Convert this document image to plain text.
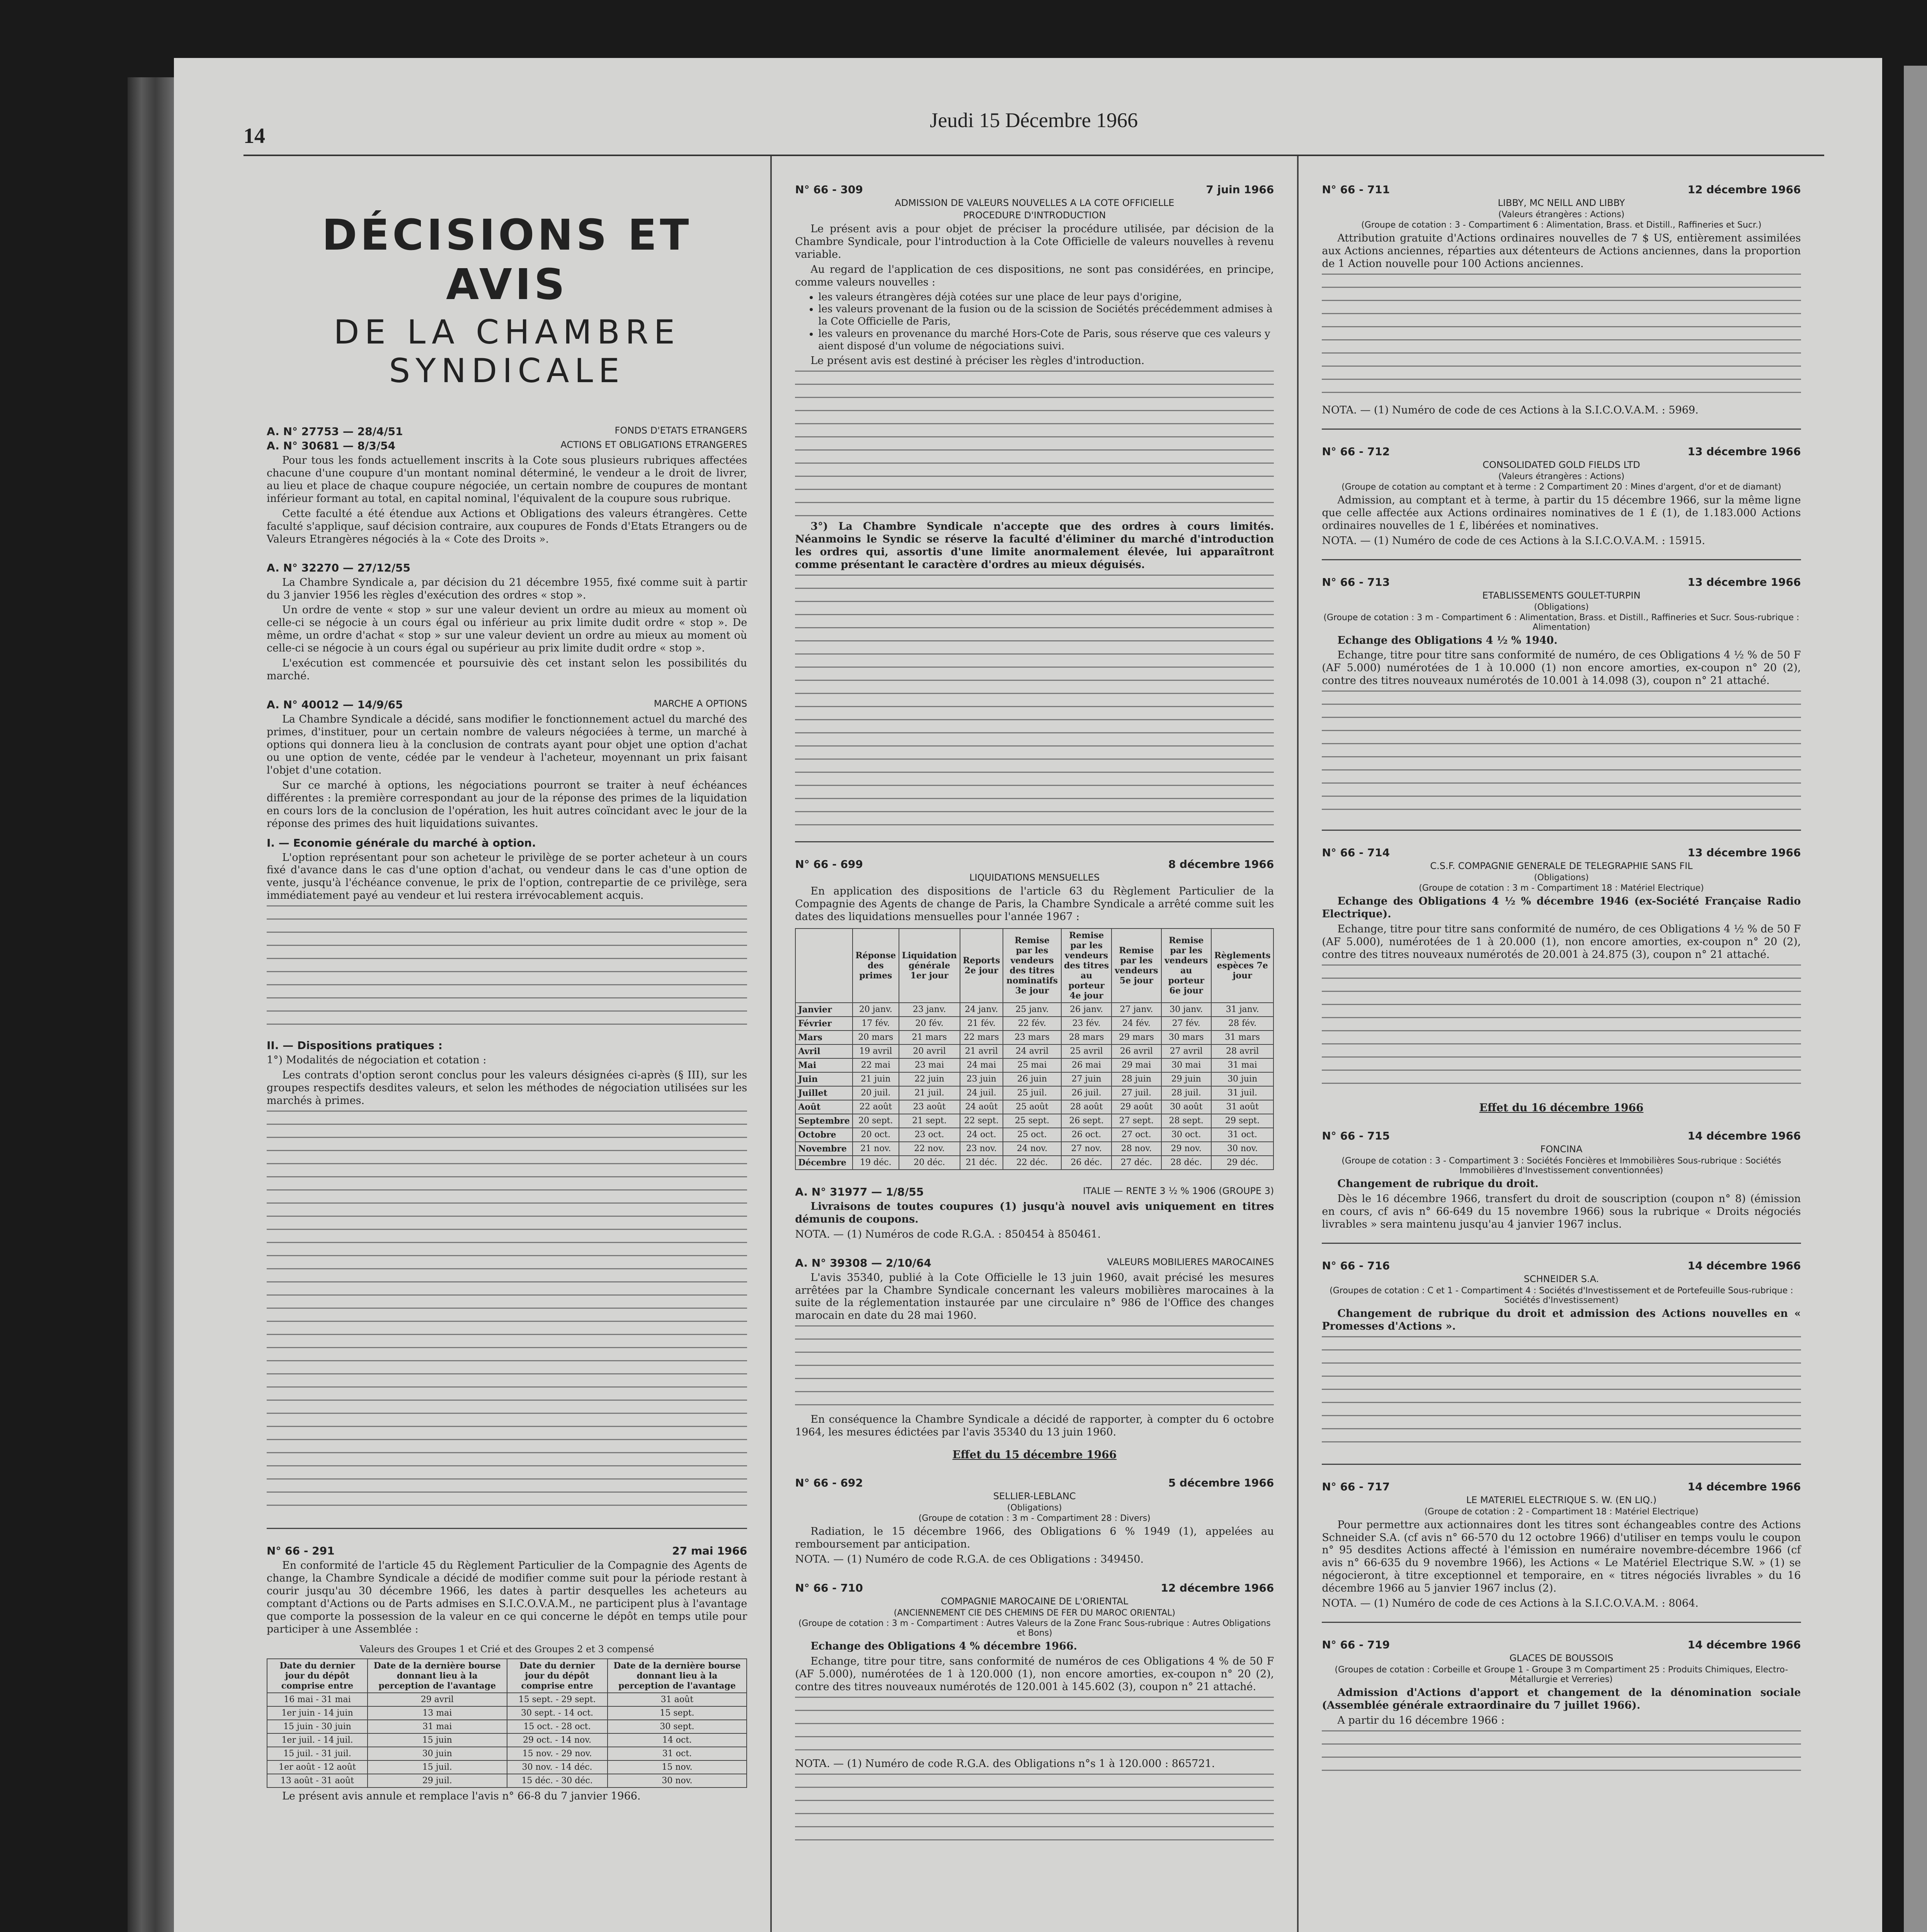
14
Jeudi 15 Décembre 1966
DÉCISIONS ET AVIS
DE LA CHAMBRE SYNDICALE
A. N° 27753 — 28/4/51	FONDS D'ETATS ETRANGERS
A. N° 30681 — 8/3/54	ACTIONS ET OBLIGATIONS ETRANGERES

Pour tous les fonds actuellement inscrits à la Cote sous plusieurs rubriques affectées chacune d'une coupure d'un montant nominal déterminé, le vendeur a le droit de livrer, au lieu et place de chaque coupure négociée, un certain nombre de coupures de montant inférieur formant au total, en capital nominal, l'équivalent de la coupure sous rubrique.

Cette faculté a été étendue aux Actions et Obligations des valeurs étrangères. Cette faculté s'applique, sauf décision contraire, aux coupures de Fonds d'Etats Etrangers ou de Valeurs Etrangères négociés à la « Cote des Droits ».

A. N° 32270 — 27/12/55

La Chambre Syndicale a, par décision du 21 décembre 1955, fixé comme suit à partir du 3 janvier 1956 les règles d'exécution des ordres « stop ».

Un ordre de vente « stop » sur une valeur devient un ordre au mieux au moment où celle-ci se négocie à un cours égal ou inférieur au prix limite dudit ordre « stop ». De même, un ordre d'achat « stop » sur une valeur devient un ordre au mieux au moment où celle-ci se négocie à un cours égal ou supérieur au prix limite dudit ordre « stop ».

L'exécution est commencée et poursuivie dès cet instant selon les possibilités du marché.

A. N° 40012 — 14/9/65	MARCHE A OPTIONS

La Chambre Syndicale a décidé, sans modifier le fonctionnement actuel du marché des primes, d'instituer, pour un certain nombre de valeurs négociées à terme, un marché à options qui donnera lieu à la conclusion de contrats ayant pour objet une option d'achat ou une option de vente, cédée par le vendeur à l'acheteur, moyennant un prix faisant l'objet d'une cotation.

Sur ce marché à options, les négociations pourront se traiter à neuf échéances différentes : la première correspondant au jour de la réponse des primes de la liquidation en cours lors de la conclusion de l'opération, les huit autres coïncidant avec le jour de la réponse des primes des huit liquidations suivantes.

I. — Economie générale du marché à option.

L'option représentant pour son acheteur le privilège de se porter acheteur à un cours fixé d'avance dans le cas d'une option d'achat, ou vendeur dans le cas d'une option de vente, jusqu'à l'échéance convenue, le prix de l'option, contrepartie de ce privilège, sera immédiatement payé au vendeur et lui restera irrévocablement acquis.

II. — Dispositions pratiques :

1°) Modalités de négociation et cotation :

Les contrats d'option seront conclus pour les valeurs désignées ci-après (§ III), sur les groupes respectifs desdites valeurs, et selon les méthodes de négociation utilisées sur les marchés à primes.

N° 66 - 291	27 mai 1966

En conformité de l'article 45 du Règlement Particulier de la Compagnie des Agents de change, la Chambre Syndicale a décidé de modifier comme suit pour la période restant à courir jusqu'au 30 décembre 1966, les dates à partir desquelles les acheteurs au comptant d'Actions ou de Parts admises en S.I.C.O.V.A.M., ne participent plus à l'avantage que comporte la possession de la valeur en ce qui concerne le dépôt en temps utile pour participer à une Assemblée :

Valeurs des Groupes 1 et Crié et des Groupes 2 et 3 compensé
Date du dernier jour du dépôt comprise entre	Date de la dernière bourse donnant lieu à la perception de l'avantage	Date du dernier jour du dépôt comprise entre	Date de la dernière bourse donnant lieu à la perception de l'avantage
16 mai - 31 mai	29 avril	15 sept. - 29 sept.	31 août
1er juin - 14 juin	13 mai	30 sept. - 14 oct.	15 sept.
15 juin - 30 juin	31 mai	15 oct. - 28 oct.	30 sept.
1er juil. - 14 juil.	15 juin	29 oct. - 14 nov.	14 oct.
15 juil. - 31 juil.	30 juin	15 nov. - 29 nov.	31 oct.
1er août - 12 août	15 juil.	30 nov. - 14 déc.	15 nov.
13 août - 31 août	29 juil.	15 déc. - 30 déc.	30 nov.

Le présent avis annule et remplace l'avis n° 66-8 du 7 janvier 1966.

N° 66 - 309	7 juin 1966
ADMISSION DE VALEURS NOUVELLES A LA COTE OFFICIELLE
PROCEDURE D'INTRODUCTION

Le présent avis a pour objet de préciser la procédure utilisée, par décision de la Chambre Syndicale, pour l'introduction à la Cote Officielle de valeurs nouvelles à revenu variable.

Au regard de l'application de ces dispositions, ne sont pas considérées, en principe, comme valeurs nouvelles :

• les valeurs étrangères déjà cotées sur une place de leur pays d'origine,
• les valeurs provenant de la fusion ou de la scission de Sociétés précédemment admises à la Cote Officielle de Paris,
• les valeurs en provenance du marché Hors-Cote de Paris, sous réserve que ces valeurs y aient disposé d'un volume de négociations suivi.

Le présent avis est destiné à préciser les règles d'introduction.

3°) La Chambre Syndicale n'accepte que des ordres à cours limités. Néanmoins le Syndic se réserve la faculté d'éliminer du marché d'introduction les ordres qui, assortis d'une limite anormalement élevée, lui apparaîtront comme présentant le caractère d'ordres au mieux déguisés.

N° 66 - 699	8 décembre 1966
LIQUIDATIONS MENSUELLES

En application des dispositions de l'article 63 du Règlement Particulier de la Compagnie des Agents de change de Paris, la Chambre Syndicale a arrêté comme suit les dates des liquidations mensuelles pour l'année 1967 :

	Réponse des primes	Liquidation générale 1er jour	Reports 2e jour	Remise par les vendeurs des titres nominatifs 3e jour	Remise par les vendeurs des titres au porteur 4e jour	Remise par les vendeurs 5e jour	Remise par les vendeurs au porteur 6e jour	Règlements espèces 7e jour
Janvier	20 janv.	23 janv.	24 janv.	25 janv.	26 janv.	27 janv.	30 janv.	31 janv.
Février	17 fév.	20 fév.	21 fév.	22 fév.	23 fév.	24 fév.	27 fév.	28 fév.
Mars	20 mars	21 mars	22 mars	23 mars	28 mars	29 mars	30 mars	31 mars
Avril	19 avril	20 avril	21 avril	24 avril	25 avril	26 avril	27 avril	28 avril
Mai	22 mai	23 mai	24 mai	25 mai	26 mai	29 mai	30 mai	31 mai
Juin	21 juin	22 juin	23 juin	26 juin	27 juin	28 juin	29 juin	30 juin
Juillet	20 juil.	21 juil.	24 juil.	25 juil.	26 juil.	27 juil.	28 juil.	31 juil.
Août	22 août	23 août	24 août	25 août	28 août	29 août	30 août	31 août
Septembre	20 sept.	21 sept.	22 sept.	25 sept.	26 sept.	27 sept.	28 sept.	29 sept.
Octobre	20 oct.	23 oct.	24 oct.	25 oct.	26 oct.	27 oct.	30 oct.	31 oct.
Novembre	21 nov.	22 nov.	23 nov.	24 nov.	27 nov.	28 nov.	29 nov.	30 nov.
Décembre	19 déc.	20 déc.	21 déc.	22 déc.	26 déc.	27 déc.	28 déc.	29 déc.
A. N° 31977 — 1/8/55	ITALIE — RENTE 3 ½ % 1906 (GROUPE 3)

Livraisons de toutes coupures (1) jusqu'à nouvel avis uniquement en titres démunis de coupons.

NOTA. — (1) Numéros de code R.G.A. : 850454 à 850461.

A. N° 39308 — 2/10/64	VALEURS MOBILIERES MAROCAINES

L'avis 35340, publié à la Cote Officielle le 13 juin 1960, avait précisé les mesures arrêtées par la Chambre Syndicale concernant les valeurs mobilières marocaines à la suite de la réglementation instaurée par une circulaire n° 986 de l'Office des changes marocain en date du 28 mai 1960.

En conséquence la Chambre Syndicale a décidé de rapporter, à compter du 6 octobre 1964, les mesures édictées par l'avis 35340 du 13 juin 1960.

Effet du 15 décembre 1966
N° 66 - 692	5 décembre 1966
SELLIER-LEBLANC
(Obligations)
(Groupe de cotation : 3 m - Compartiment 28 : Divers)

Radiation, le 15 décembre 1966, des Obligations 6 % 1949 (1), appelées au remboursement par anticipation.

NOTA. — (1) Numéro de code R.G.A. de ces Obligations : 349450.

N° 66 - 710	12 décembre 1966
COMPAGNIE MAROCAINE DE L'ORIENTAL
(ANCIENNEMENT CIE DES CHEMINS DE FER DU MAROC ORIENTAL)
(Groupe de cotation : 3 m - Compartiment : Autres Valeurs de la Zone Franc Sous-rubrique : Autres Obligations et Bons)

Echange des Obligations 4 % décembre 1966.

Echange, titre pour titre, sans conformité de numéros de ces Obligations 4 % de 50 F (AF 5.000), numérotées de 1 à 120.000 (1), non encore amorties, ex-coupon n° 20 (2), contre des titres nouveaux numérotés de 120.001 à 145.602 (3), coupon n° 21 attaché.

NOTA. — (1) Numéro de code R.G.A. des Obligations n°s 1 à 120.000 : 865721.

N° 66 - 711	12 décembre 1966
LIBBY, MC NEILL AND LIBBY
(Valeurs étrangères : Actions)
(Groupe de cotation : 3 - Compartiment 6 : Alimentation, Brass. et Distill., Raffineries et Sucr.)

Attribution gratuite d'Actions ordinaires nouvelles de 7 $ US, entièrement assimilées aux Actions anciennes, réparties aux détenteurs de Actions anciennes, dans la proportion de 1 Action nouvelle pour 100 Actions anciennes.

NOTA. — (1) Numéro de code de ces Actions à la S.I.C.O.V.A.M. : 5969.

N° 66 - 712	13 décembre 1966
CONSOLIDATED GOLD FIELDS LTD
(Valeurs étrangères : Actions)
(Groupe de cotation au comptant et à terme : 2 Compartiment 20 : Mines d'argent, d'or et de diamant)

Admission, au comptant et à terme, à partir du 15 décembre 1966, sur la même ligne que celle affectée aux Actions ordinaires nominatives de 1 £ (1), de 1.183.000 Actions ordinaires nouvelles de 1 £, libérées et nominatives.

NOTA. — (1) Numéro de code de ces Actions à la S.I.C.O.V.A.M. : 15915.

N° 66 - 713	13 décembre 1966
ETABLISSEMENTS GOULET-TURPIN
(Obligations)
(Groupe de cotation : 3 m - Compartiment 6 : Alimentation, Brass. et Distill., Raffineries et Sucr. Sous-rubrique : Alimentation)

Echange des Obligations 4 ½ % 1940.

Echange, titre pour titre sans conformité de numéro, de ces Obligations 4 ½ % de 50 F (AF 5.000) numérotées de 1 à 10.000 (1) non encore amorties, ex-coupon n° 20 (2), contre des titres nouveaux numérotés de 10.001 à 14.098 (3), coupon n° 21 attaché.

N° 66 - 714	13 décembre 1966
C.S.F. COMPAGNIE GENERALE DE TELEGRAPHIE SANS FIL
(Obligations)
(Groupe de cotation : 3 m - Compartiment 18 : Matériel Electrique)

Echange des Obligations 4 ½ % décembre 1946 (ex-Société Française Radio Electrique).

Echange, titre pour titre sans conformité de numéro, de ces Obligations 4 ½ % de 50 F (AF 5.000), numérotées de 1 à 20.000 (1), non encore amorties, ex-coupon n° 20 (2), contre des titres nouveaux numérotés de 20.001 à 24.875 (3), coupon n° 21 attaché.

Effet du 16 décembre 1966
N° 66 - 715	14 décembre 1966
FONCINA
(Groupe de cotation : 3 - Compartiment 3 : Sociétés Foncières et Immobilières Sous-rubrique : Sociétés Immobilières d'Investissement conventionnées)

Changement de rubrique du droit.

Dès le 16 décembre 1966, transfert du droit de souscription (coupon n° 8) (émission en cours, cf avis n° 66-649 du 15 novembre 1966) sous la rubrique « Droits négociés livrables » sera maintenu jusqu'au 4 janvier 1967 inclus.

N° 66 - 716	14 décembre 1966
SCHNEIDER S.A.
(Groupes de cotation : C et 1 - Compartiment 4 : Sociétés d'Investissement et de Portefeuille Sous-rubrique : Sociétés d'Investissement)

Changement de rubrique du droit et admission des Actions nouvelles en « Promesses d'Actions ».

N° 66 - 717	14 décembre 1966
LE MATERIEL ELECTRIQUE S. W. (EN LIQ.)
(Groupe de cotation : 2 - Compartiment 18 : Matériel Electrique)

Pour permettre aux actionnaires dont les titres sont échangeables contre des Actions Schneider S.A. (cf avis n° 66-570 du 12 octobre 1966) d'utiliser en temps voulu le coupon n° 95 desdites Actions affecté à l'émission en numéraire novembre-décembre 1966 (cf avis n° 66-635 du 9 novembre 1966), les Actions « Le Matériel Electrique S.W. » (1) se négocieront, à titre exceptionnel et temporaire, en « titres négociés livrables » du 16 décembre 1966 au 5 janvier 1967 inclus (2).

NOTA. — (1) Numéro de code de ces Actions à la S.I.C.O.V.A.M. : 8064.

N° 66 - 719	14 décembre 1966
GLACES DE BOUSSOIS
(Groupes de cotation : Corbeille et Groupe 1 - Groupe 3 m Compartiment 25 : Produits Chimiques, Electro-Métallurgie et Verreries)

Admission d'Actions d'apport et changement de la dénomination sociale (Assemblée générale extraordinaire du 7 juillet 1966).

A partir du 16 décembre 1966 :
